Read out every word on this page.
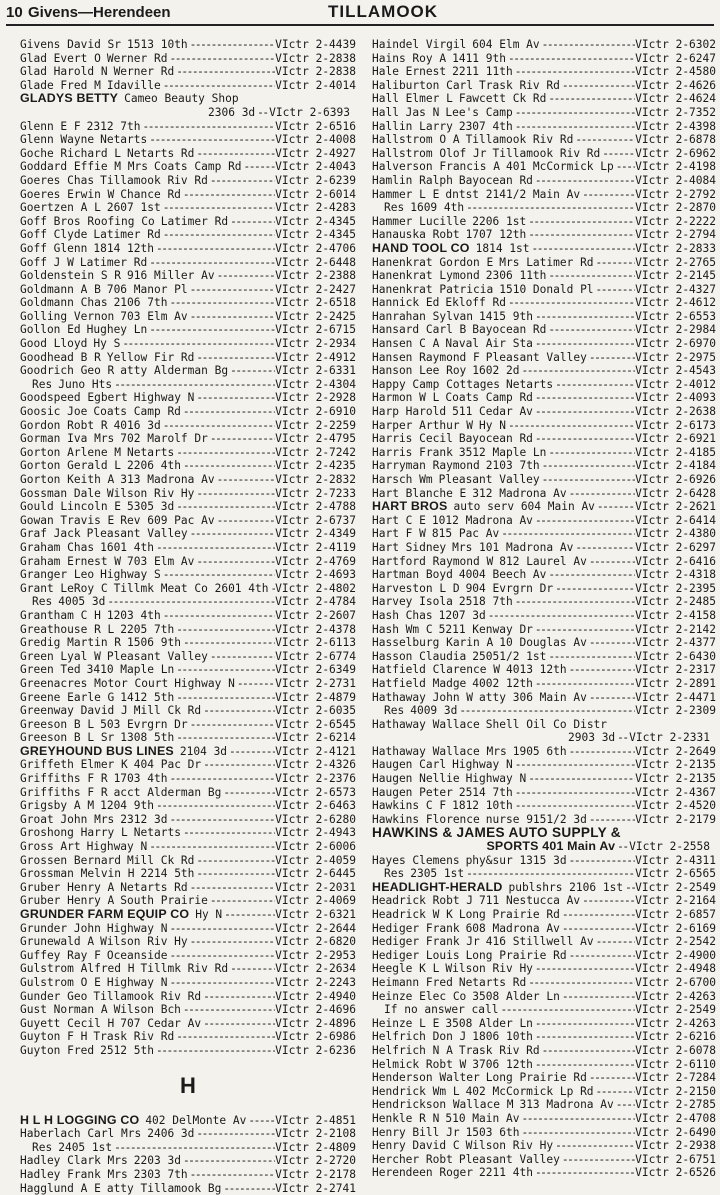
10 Givens—Herendeen	TILLAMOOK
Givens David Sr 1513 10th -----	VIctr 2-4439
Glad Evert O Werner Rd -----	VIctr 2-2838
Glad Harold N Werner Rd -----	VIctr 2-2838
Glade Fred M Idaville -----	VIctr 2-4014
GLADYS BETTY Cameo Beauty Shop
2306 3d ----- VIctr 2-6393
Glenn E F 2312 7th -----	VIctr 2-6516
Glenn Wayne Netarts -----	VIctr 2-4008
Goche Richard L Netarts Rd -----	VIctr 2-4927
Goddard Effie M Mrs Coats Camp Rd -----	VIctr 2-4043
Goeres Chas Tillamook Riv Rd -----	VIctr 2-6239
Goeres Erwin W Chance Rd -----	VIctr 2-6014
Goertzen A L 2607 1st -----	VIctr 2-4283
Goff Bros Roofing Co Latimer Rd -----	VIctr 2-4345
Goff Clyde Latimer Rd -----	VIctr 2-4345
Goff Glenn 1814 12th -----	VIctr 2-4706
Goff J W Latimer Rd -----	VIctr 2-6448
Goldenstein S R 916 Miller Av -----	VIctr 2-2388
Goldmann A B 706 Manor Pl -----	VIctr 2-2427
Goldmann Chas 2106 7th -----	VIctr 2-6518
Golling Vernon 703 Elm Av -----	VIctr 2-2425
Gollon Ed Hughey Ln -----	VIctr 2-6715
Good Lloyd Hy S -----	VIctr 2-2934
Goodhead B R Yellow Fir Rd -----	VIctr 2-4912
Goodrich Geo R atty Alderman Bg -----	VIctr 2-6331
Res Juno Hts -----	VIctr 2-4304
Goodspeed Egbert Highway N -----	VIctr 2-2928
Goosic Joe Coats Camp Rd -----	VIctr 2-6910
Gordon Robt R 4016 3d -----	VIctr 2-2259
Gorman Iva Mrs 702 Marolf Dr -----	VIctr 2-4795
Gorton Arlene M Netarts -----	VIctr 2-7242
Gorton Gerald L 2206 4th -----	VIctr 2-4235
Gorton Keith A 313 Madrona Av -----	VIctr 2-2832
Gossman Dale Wilson Riv Hy -----	VIctr 2-7233
Gould Lincoln E 5305 3d -----	VIctr 2-4788
Gowan Travis E Rev 609 Pac Av -----	VIctr 2-6737
Graf Jack Pleasant Valley -----	VIctr 2-4349
Graham Chas 1601 4th -----	VIctr 2-4119
Graham Ernest W 703 Elm Av -----	VIctr 2-4769
Granger Leo Highway S -----	VIctr 2-4693
Grant LeRoy C Tillmk Meat Co 2601 4th ----- VIctr 2-4802
Res 4005 3d -----	VIctr 2-4784
Grantham C H 1203 4th -----	VIctr 2-2607
Greathouse R L 2205 7th -----	VIctr 2-4378
Gredig Martin R 1506 9th -----	VIctr 2-6113
Green Lyal W Pleasant Valley -----	VIctr 2-6774
Green Ted 3410 Maple Ln -----	VIctr 2-6349
Greenacres Motor Court Highway N -----	VIctr 2-2731
Greene Earle G 1412 5th -----	VIctr 2-4879
Greenway David J Mill Ck Rd -----	VIctr 2-6035
Greeson B L 503 Evrgrn Dr -----	VIctr 2-6545
Greeson B L Sr 1308 5th -----	VIctr 2-6214
GREYHOUND BUS LINES 2104 3d -----	VIctr 2-4121
Griffeth Elmer K 404 Pac Dr -----	VIctr 2-4326
Griffiths F R 1703 4th -----	VIctr 2-2376
Griffiths F R acct Alderman Bg -----	VIctr 2-6573
Grigsby A M 1204 9th -----	VIctr 2-6463
Groat John Mrs 2312 3d -----	VIctr 2-6280
Groshong Harry L Netarts -----	VIctr 2-4943
Gross Art Highway N -----	VIctr 2-6006
Grossen Bernard Mill Ck Rd -----	VIctr 2-4059
Grossman Melvin H 2214 5th -----	VIctr 2-6445
Gruber Henry A Netarts Rd -----	VIctr 2-2031
Gruber Henry A South Prairie -----	VIctr 2-4069
GRUNDER FARM EQUIP CO Hy N -----	VIctr 2-6321
Grunder John Highway N -----	VIctr 2-2644
Grunewald A Wilson Riv Hy -----	VIctr 2-6820
Guffey Ray F Oceanside -----	VIctr 2-2953
Gulstrom Alfred H Tillmk Riv Rd -----	VIctr 2-2634
Gulstrom O E Highway N -----	VIctr 2-2243
Gunder Geo Tillamook Riv Rd -----	VIctr 2-4940
Gust Norman A Wilson Bch -----	VIctr 2-4696
Guyett Cecil H 707 Cedar Av -----	VIctr 2-4896
Guyton F H Trask Riv Rd -----	VIctr 2-6986
Guyton Fred 2512 5th -----	VIctr 2-6236
H
H L H LOGGING CO 402 DelMonte Av -----	VIctr 2-4851
Haberlach Carl Mrs 2406 3d -----	VIctr 2-2108
Res 2405 1st -----	VIctr 2-4809
Hadley Clark Mrs 2203 3d -----	VIctr 2-2720
Hadley Frank Mrs 2303 7th -----	VIctr 2-2178
Hagglund A E atty Tillamook Bg -----	VIctr 2-2741
Haindel Virgil 604 Elm Av -----	VIctr 2-6302
Hains Roy A 1411 9th -----	VIctr 2-6247
Hale Ernest 2211 11th -----	VIctr 2-4580
Haliburton Carl Trask Riv Rd -----	VIctr 2-4626
Hall Elmer L Fawcett Ck Rd -----	VIctr 2-4624
Hall Jas N Lee's Camp -----	VIctr 2-7352
Hallin Larry 2307 4th -----	VIctr 2-4398
Hallstrom O A Tillamook Riv Rd -----	VIctr 2-6878
Hallstrom Olof Jr Tillamook Riv Rd -----	VIctr 2-6962
Halverson Francis A 401 McCormick Lp ----- VIctr 2-4198
Hamlin Ralph Bayocean Rd -----	VIctr 2-4084
Hammer L E dntst 2141/2 Main Av -----	VIctr 2-2792
Res 1609 4th -----	VIctr 2-2870
Hammer Lucille 2206 1st -----	VIctr 2-2222
Hanauska Robt 1707 12th -----	VIctr 2-2794
HAND TOOL CO 1814 1st -----	VIctr 2-2833
Hanenkrat Gordon E Mrs Latimer Rd -----	VIctr 2-2765
Hanenkrat Lymond 2306 11th -----	VIctr 2-2145
Hanenkrat Patricia 1510 Donald Pl -----	VIctr 2-4327
Hannick Ed Ekloff Rd -----	VIctr 2-4612
Hanrahan Sylvan 1415 9th -----	VIctr 2-6553
Hansard Carl B Bayocean Rd -----	VIctr 2-2984
Hansen C A Naval Air Sta -----	VIctr 2-6970
Hansen Raymond F Pleasant Valley -----	VIctr 2-2975
Hanson Lee Roy 1602 2d -----	VIctr 2-4543
Happy Camp Cottages Netarts -----	VIctr 2-4012
Harmon W L Coats Camp Rd -----	VIctr 2-4093
Harp Harold 511 Cedar Av -----	VIctr 2-2638
Harper Arthur W Hy N -----	VIctr 2-6173
Harris Cecil Bayocean Rd -----	VIctr 2-6921
Harris Frank 3512 Maple Ln -----	VIctr 2-4185
Harryman Raymond 2103 7th -----	VIctr 2-4184
Harsch Wm Pleasant Valley -----	VIctr 2-6926
Hart Blanche E 312 Madrona Av -----	VIctr 2-6428
HART BROS auto serv 604 Main Av -----	VIctr 2-2621
Hart C E 1012 Madrona Av -----	VIctr 2-6414
Hart F W 815 Pac Av -----	VIctr 2-4380
Hart Sidney Mrs 101 Madrona Av -----	VIctr 2-6297
Hartford Raymond W 812 Laurel Av -----	VIctr 2-6416
Hartman Boyd 4004 Beech Av -----	VIctr 2-4318
Harveston L D 904 Evrgrn Dr -----	VIctr 2-2395
Harvey Isola 2518 7th -----	VIctr 2-2485
Hash Chas 1207 3d -----	VIctr 2-4158
Hash Wm C 5211 Kenway Dr -----	VIctr 2-2142
Hasselburg Karin A 10 Douglas Av -----	VIctr 2-4377
Hasson Claudia 25051/2 1st -----	VIctr 2-6430
Hatfield Clarence W 4013 12th -----	VIctr 2-2317
Hatfield Madge 4002 12th -----	VIctr 2-2891
Hathaway John W atty 306 Main Av -----	VIctr 2-4471
Res 4009 3d -----	VIctr 2-2309
Hathaway Wallace Shell Oil Co Distr
2903 3d ----- VIctr 2-2331
Hathaway Wallace Mrs 1905 6th -----	VIctr 2-2649
Haugen Carl Highway N -----	VIctr 2-2135
Haugen Nellie Highway N -----	VIctr 2-2135
Haugen Peter 2514 7th -----	VIctr 2-4367
Hawkins C F 1812 10th -----	VIctr 2-4520
Hawkins Florence nurse 9151/2 3d -----	VIctr 2-2179
HAWKINS & JAMES AUTO SUPPLY &
SPORTS 401 Main Av ----- VIctr 2-2558
Hayes Clemens phy&sur 1315 3d -----	VIctr 2-4311
Res 2305 1st -----	VIctr 2-6565
HEADLIGHT-HERALD publshrs 2106 1st ----- VIctr 2-2549
Headrick Robt J 711 Nestucca Av -----	VIctr 2-2164
Headrick W K Long Prairie Rd -----	VIctr 2-6857
Hediger Frank 608 Madrona Av -----	VIctr 2-6169
Hediger Frank Jr 416 Stillwell Av -----	VIctr 2-2542
Hediger Louis Long Prairie Rd -----	VIctr 2-4900
Heegle K L Wilson Riv Hy -----	VIctr 2-4948
Heimann Fred Netarts Rd -----	VIctr 2-6700
Heinze Elec Co 3508 Alder Ln -----	VIctr 2-4263
If no answer call -----	VIctr 2-2549
Heinze L E 3508 Alder Ln -----	VIctr 2-4263
Helfrich Don J 1806 10th -----	VIctr 2-6216
Helfrich N A Trask Riv Rd -----	VIctr 2-6078
Helmick Robt W 3706 12th -----	VIctr 2-6110
Henderson Walter Long Prairie Rd -----	VIctr 2-7284
Hendrick Wm L 402 McCormick Lp Rd -----	VIctr 2-2150
Hendrickson Wallace M 313 Madrona Av ----- VIctr 2-2785
Henkle R N 510 Main Av -----	VIctr 2-4708
Henry Bill Jr 1503 6th -----	VIctr 2-6490
Henry David C Wilson Riv Hy -----	VIctr 2-2938
Hercher Robt Pleasant Valley -----	VIctr 2-6751
Herendeen Roger 2211 4th -----	VIctr 2-6526
